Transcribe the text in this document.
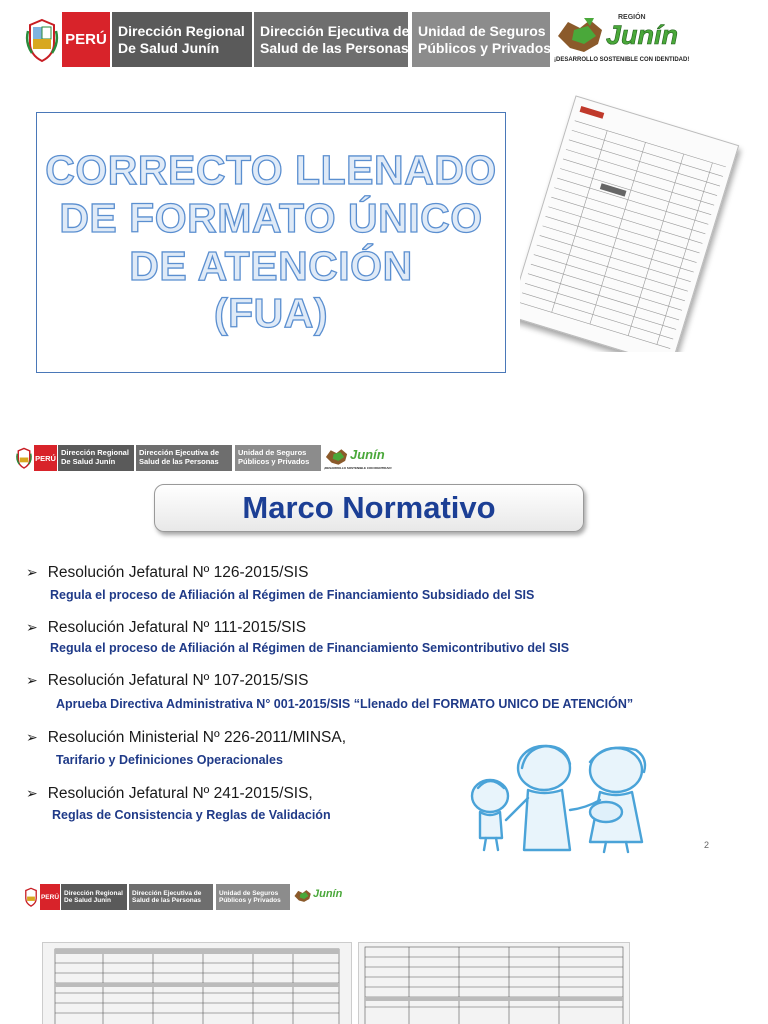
PERÚ Dirección Regional
De Salud Junín
Dirección Ejecutiva de
Salud de las Personas
Unidad de Seguros
Públicos y Privados
REGIÓN
Junín
¡DESARROLLO SOSTENIBLE CON IDENTIDAD!
CORRECTO LLENADO
DE FORMATO ÚNICO
DE ATENCIÓN
(FUA)
PERÚ
Dirección Regional
De Salud Junín
Dirección Ejecutiva de
Salud de las Personas
Unidad de Seguros
Públicos y Privados	Junín
¡DESARROLLO SOSTENIBLE CON IDENTIDAD!
Marco Normativo
➢ Resolución Jefatural Nº 126-2015/SIS
Regula el proceso de Afiliación al Régimen de Financiamiento Subsidiado del SIS
➢ Resolución Jefatural Nº 111-2015/SIS
Regula el proceso de Afiliación al Régimen de Financiamiento Semicontributivo del SIS
➢ Resolución Jefatural Nº 107-2015/SIS
Aprueba Directiva Administrativa N° 001-2015/SIS “Llenado del FORMATO UNICO DE ATENCIÓN”
➢ Resolución Ministerial Nº 226-2011/MINSA,
Tarifario y Definiciones Operacionales
➢ Resolución Jefatural Nº 241-2015/SIS,
Reglas de Consistencia y Reglas de Validación
2
PERÚ
Dirección Regional
De Salud Junín
Dirección Ejecutiva de
Salud de las Personas
Unidad de Seguros
Públicos y Privados
Junín
